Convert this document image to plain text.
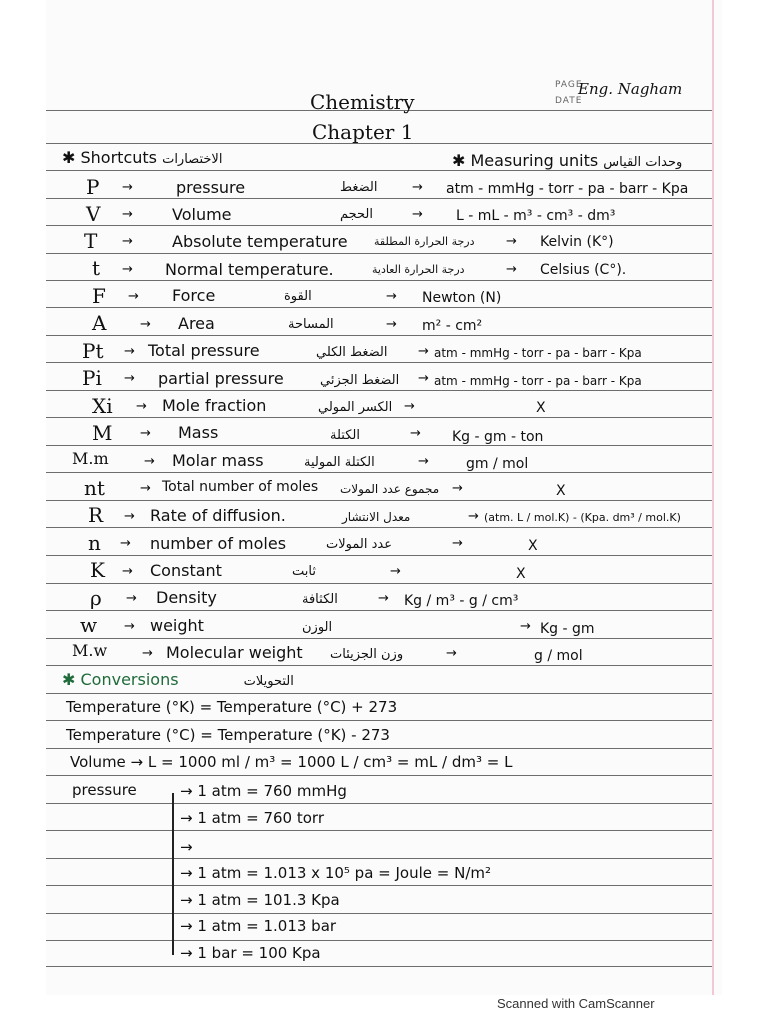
PAGE
DATE
Eng. Nagham
Chemistry
Chapter 1
✱ Shortcuts الاختصارات	✱ Measuring units وحدات القياس
P →	pressure	الضغط	→ atm - mmHg - torr - pa - barr - Kpa
V → Volume	الحجم	→ L - mL - m³ - cm³ - dm³
T → Absolute temperature درجة الحرارة المطلقة → Kelvin (K°)
t → Normal temperature.	درجة الحرارة العادية	→ Celsius (C°).
F → Force	القوة	→ Newton (N)
A	→ Area	المساحة	→ m² - cm²
Pt → Total pressure	الضغط الكلي → atm - mmHg - torr - pa - barr - Kpa
Pi → partial pressure	الضغط الجزئي → atm - mmHg - torr - pa - barr - Kpa
Xi → Mole fraction	الكسر المولي →	X
M → Mass	الكتلة	→ Kg - gm - ton
M.m	→ Molar mass	الكتلة المولية	→	gm / mol
nt	→ Total number of moles مجموع عدد المولات →	X
R → Rate of diffusion.	معدل الانتشار	→ (atm. L / mol.K) - (Kpa. dm³ / mol.K)
n → number of moles	عدد المولات	→	X
K → Constant	ثابت	→	X
ρ → Density	الكثافة	→ Kg / m³ - g / cm³
w → weight	الوزن	→ Kg - gm
M.w	→ Molecular weight وزن الجزيئات	→	g / mol
✱ Conversions	التحويلات
Temperature (°K) = Temperature (°C) + 273
Temperature (°C) = Temperature (°K) - 273
Volume → L = 1000 ml / m³ = 1000 L / cm³ = mL / dm³ = L
pressure	→ 1 atm = 760 mmHg
→ 1 atm = 760 torr
→
→ 1 atm = 1.013 x 10⁵ pa = Joule = N/m²
→ 1 atm = 101.3 Kpa
→ 1 atm = 1.013 bar
→ 1 bar = 100 Kpa
Scanned with CamScanner
